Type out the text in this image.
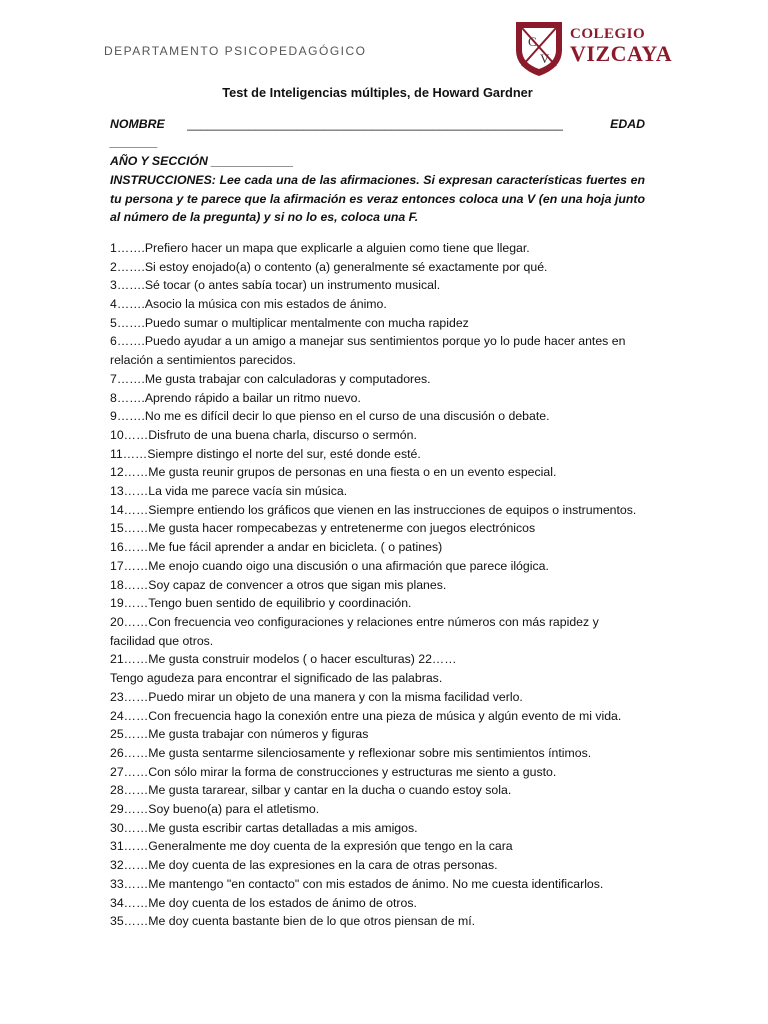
DEPARTAMENTO PSICOPEDAGÓGICO
C
V
COLEGIO
VIZCAYA
Test de Inteligencias múltiples, de Howard Gardner
NOMBRE _______________________________________________________	EDAD
_______
AÑO Y SECCIÓN ____________
INSTRUCCIONES: Lee cada una de las afirmaciones. Si expresan características fuertes en tu persona y te parece que la afirmación es veraz entonces coloca una V (en una hoja junto al número de la pregunta) y si no lo es, coloca una F.
1…….Prefiero hacer un mapa que explicarle a alguien como tiene que llegar.
2…….Si estoy enojado(a) o contento (a) generalmente sé exactamente por qué.
3…….Sé tocar (o antes sabía tocar) un instrumento musical.
4…….Asocio la música con mis estados de ánimo.
5…….Puedo sumar o multiplicar mentalmente con mucha rapidez
6…….Puedo ayudar a un amigo a manejar sus sentimientos porque yo lo pude hacer antes en relación a sentimientos parecidos.
7…….Me gusta trabajar con calculadoras y computadores.
8…….Aprendo rápido a bailar un ritmo nuevo.
9…….No me es difícil decir lo que pienso en el curso de una discusión o debate.
10……Disfruto de una buena charla, discurso o sermón.
11……Siempre distingo el norte del sur, esté donde esté.
12……Me gusta reunir grupos de personas en una fiesta o en un evento especial.
13……La vida me parece vacía sin música.
14……Siempre entiendo los gráficos que vienen en las instrucciones de equipos o instrumentos.
15……Me gusta hacer rompecabezas y entretenerme con juegos electrónicos
16……Me fue fácil aprender a andar en bicicleta. ( o patines)
17……Me enojo cuando oigo una discusión o una afirmación que parece ilógica.
18……Soy capaz de convencer a otros que sigan mis planes.
19……Tengo buen sentido de equilibrio y coordinación.
20……Con frecuencia veo configuraciones y relaciones entre números con más rapidez y facilidad que otros.
21……Me gusta construir modelos ( o hacer esculturas) 22……
Tengo agudeza para encontrar el significado de las palabras.
23……Puedo mirar un objeto de una manera y con la misma facilidad verlo.
24……Con frecuencia hago la conexión entre una pieza de música y algún evento de mi vida.
25……Me gusta trabajar con números y figuras
26……Me gusta sentarme silenciosamente y reflexionar sobre mis sentimientos íntimos.
27……Con sólo mirar la forma de construcciones y estructuras me siento a gusto.
28……Me gusta tararear, silbar y cantar en la ducha o cuando estoy sola.
29……Soy bueno(a) para el atletismo.
30……Me gusta escribir cartas detalladas a mis amigos.
31……Generalmente me doy cuenta de la expresión que tengo en la cara
32……Me doy cuenta de las expresiones en la cara de otras personas.
33……Me mantengo "en contacto" con mis estados de ánimo. No me cuesta identificarlos.
34……Me doy cuenta de los estados de ánimo de otros.
35……Me doy cuenta bastante bien de lo que otros piensan de mí.
